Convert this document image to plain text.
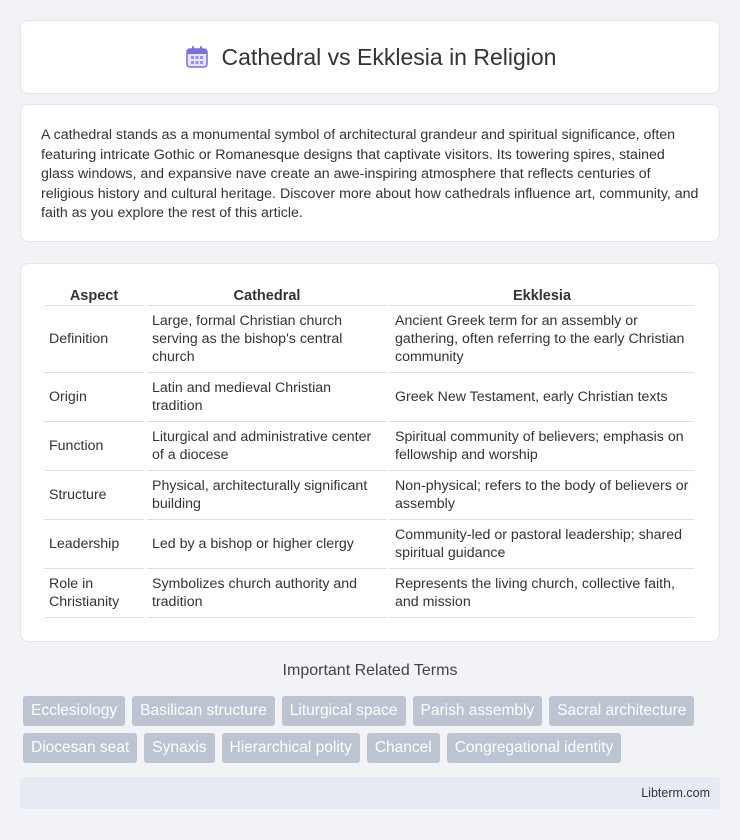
Cathedral vs Ekklesia in Religion

A cathedral stands as a monumental symbol of architectural grandeur and spiritual significance, often featuring intricate Gothic or Romanesque designs that captivate visitors. Its towering spires, stained glass windows, and expansive nave create an awe-inspiring atmosphere that reflects centuries of religious history and cultural heritage. Discover more about how cathedrals influence art, community, and faith as you explore the rest of this article.

Aspect	Cathedral	Ekklesia
Definition	Large, formal Christian church serving as the bishop's central church	Ancient Greek term for an assembly or gathering, often referring to the early Christian community
Origin	Latin and medieval Christian tradition	Greek New Testament, early Christian texts
Function	Liturgical and administrative center of a diocese	Spiritual community of believers; emphasis on fellowship and worship
Structure	Physical, architecturally significant building	Non-physical; refers to the body of believers or assembly
Leadership	Led by a bishop or higher clergy	Community-led or pastoral leadership; shared spiritual guidance
Role in Christianity	Symbolizes church authority and tradition	Represents the living church, collective faith, and mission
Important Related Terms
Ecclesiology	Basilican structure	Liturgical space	Parish assembly	Sacral architecture
Diocesan seat	Synaxis	Hierarchical polity	Chancel	Congregational identity
Libterm.com
